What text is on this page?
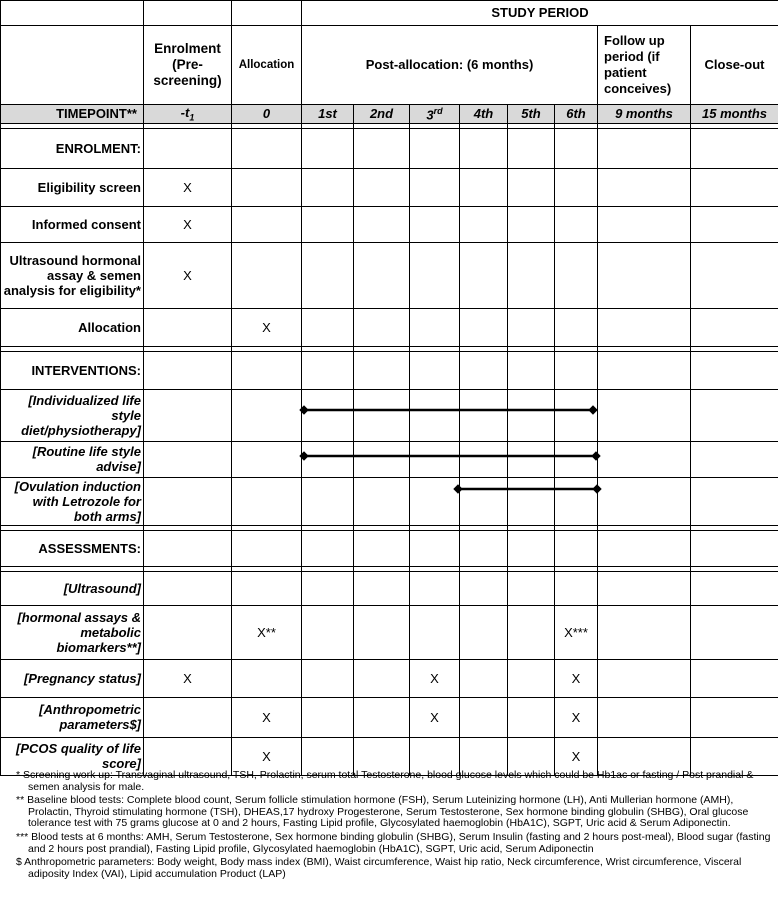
			STUDY PERIOD							
	Enrolment (Pre-screening)	Allocation	Post-allocation: (6 months)						Follow up period (if patient conceives)	Close-out
TIMEPOINT**	$-t_1$	0	1st	2nd	3rd	4th	5th	6th	9 months	15 months

ENROLMENT:										
Eligibility screen	X									
Informed consent	X									
Ultrasound hormonal assay & semen analysis for eligibility*	X									
Allocation		X								

INTERVENTIONS:										
[Individualized life style diet/physiotherapy]										
[Routine life style advise]										
[Ovulation induction with Letrozole for both arms]										

ASSESSMENTS:										

[Ultrasound]										
[hormonal assays & metabolic biomarkers**]		X**						X***		
[Pregnancy status]	X				X			X		
[Anthropometric parameters$]		X			X			X		
[PCOS quality of life score]		X						X		

* Screening work up: Transvaginal ultrasound, TSH, Prolactin, serum total Testosterone, blood glucose levels which could be Hb1ac or fasting / Post prandial & semen analysis for male.

** Baseline blood tests: Complete blood count, Serum follicle stimulation hormone (FSH), Serum Luteinizing hormone (LH), Anti Mullerian hormone (AMH), Prolactin, Thyroid stimulating hormone (TSH), DHEAS,17 hydroxy Progesterone, Serum Testosterone, Sex hormone binding globulin (SHBG), Oral glucose tolerance test with 75 grams glucose at 0 and 2 hours, Fasting Lipid profile, Glycosylated haemoglobin (HbA1C), SGPT, Uric acid & Serum Adiponectin.

*** Blood tests at 6 months: AMH, Serum Testosterone, Sex hormone binding globulin (SHBG), Serum Insulin (fasting and 2 hours post-meal), Blood sugar (fasting and 2 hours post prandial), Fasting Lipid profile, Glycosylated haemoglobin (HbA1C), SGPT, Uric acid, Serum Adiponectin

$ Anthropometric parameters: Body weight, Body mass index (BMI), Waist circumference, Waist hip ratio, Neck circumference, Wrist circumference, Visceral adiposity Index (VAI), Lipid accumulation Product (LAP)
